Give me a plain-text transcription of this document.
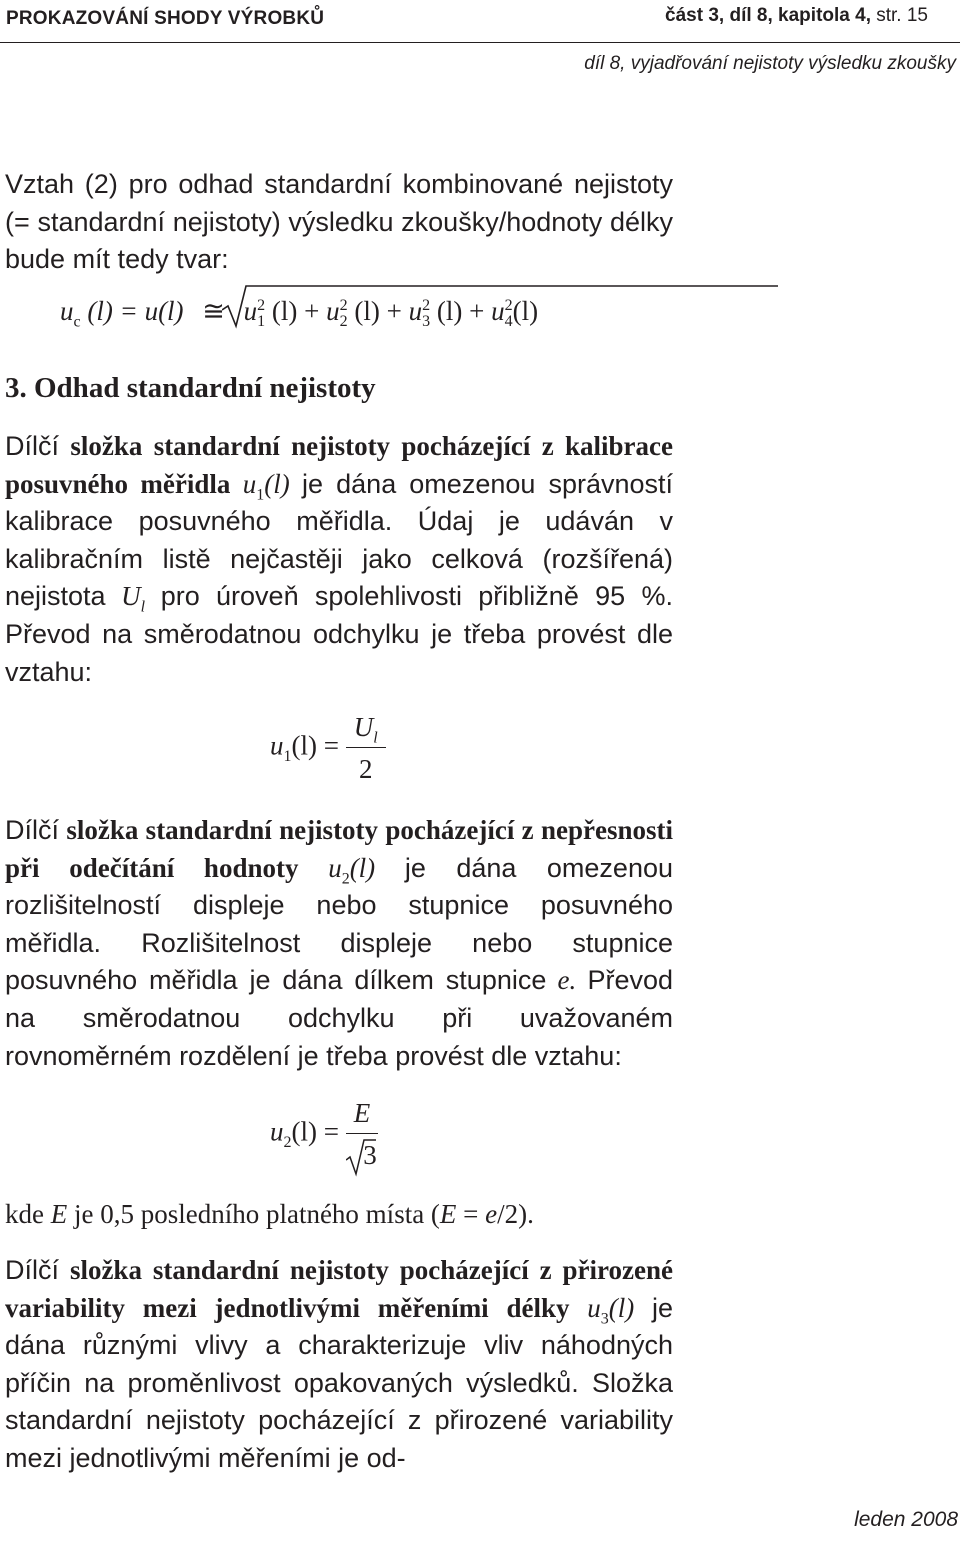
PROKAZOVÁNÍ SHODY VÝROBKŮ	část 3, díl 8, kapitola 4, str. 15
díl 8, vyjadřování nejistoty výsledku zkoušky

Vztah (2) pro odhad standardní kombinované nejistoty (= standardní nejistoty) výsledku zkoušky/hodnoty délky bude mít tedy tvar:

$u_c$ (l) = u(l) ≅ $u^2_1$ $(l) + u^2_2$ $(l) + u^2_3$ $(l) + u^2_4(l)$
3. Odhad standardní nejistoty

Dílčí složka standardní nejistoty pocházející z kalibrace posuvného měřidla $u_1(l)$ je dána omezenou správností kalibrace posuvného měřidla. Údaj je udáván v kalibračním listě nejčastěji jako celková (rozšířená) nejistota $U_l$ pro úroveň spolehlivosti přibližně 95 %. Převod na směrodatnou odchylku je třeba provést dle vztahu:

$u_1(l) = \frac{U_l}{2}$

Dílčí složka standardní nejistoty pocházející z nepřesnosti při odečítání hodnoty $u_2(l)$ je dána omezenou rozlišitelností displeje nebo stupnice posuvného měřidla. Rozlišitelnost displeje nebo stupnice posuvného měřidla je dána dílkem stupnice e. Převod na směrodatnou odchylku při uvažovaném rovnoměrném rozdělení je třeba provést dle vztahu:

$u_2(l) = \frac{E}{3}$

kde E je 0,5 posledního platného místa (E = e/2).

Dílčí složka standardní nejistoty pocházející z přirozené variability mezi jednotlivými měřeními délky $u_3(l)$ je dána různými vlivy a charakterizuje vliv náhodných příčin na proměnlivost opakovaných výsledků. Složka standardní nejistoty pocházející z přirozené variability mezi jednotlivými měřeními je od-

leden 2008
